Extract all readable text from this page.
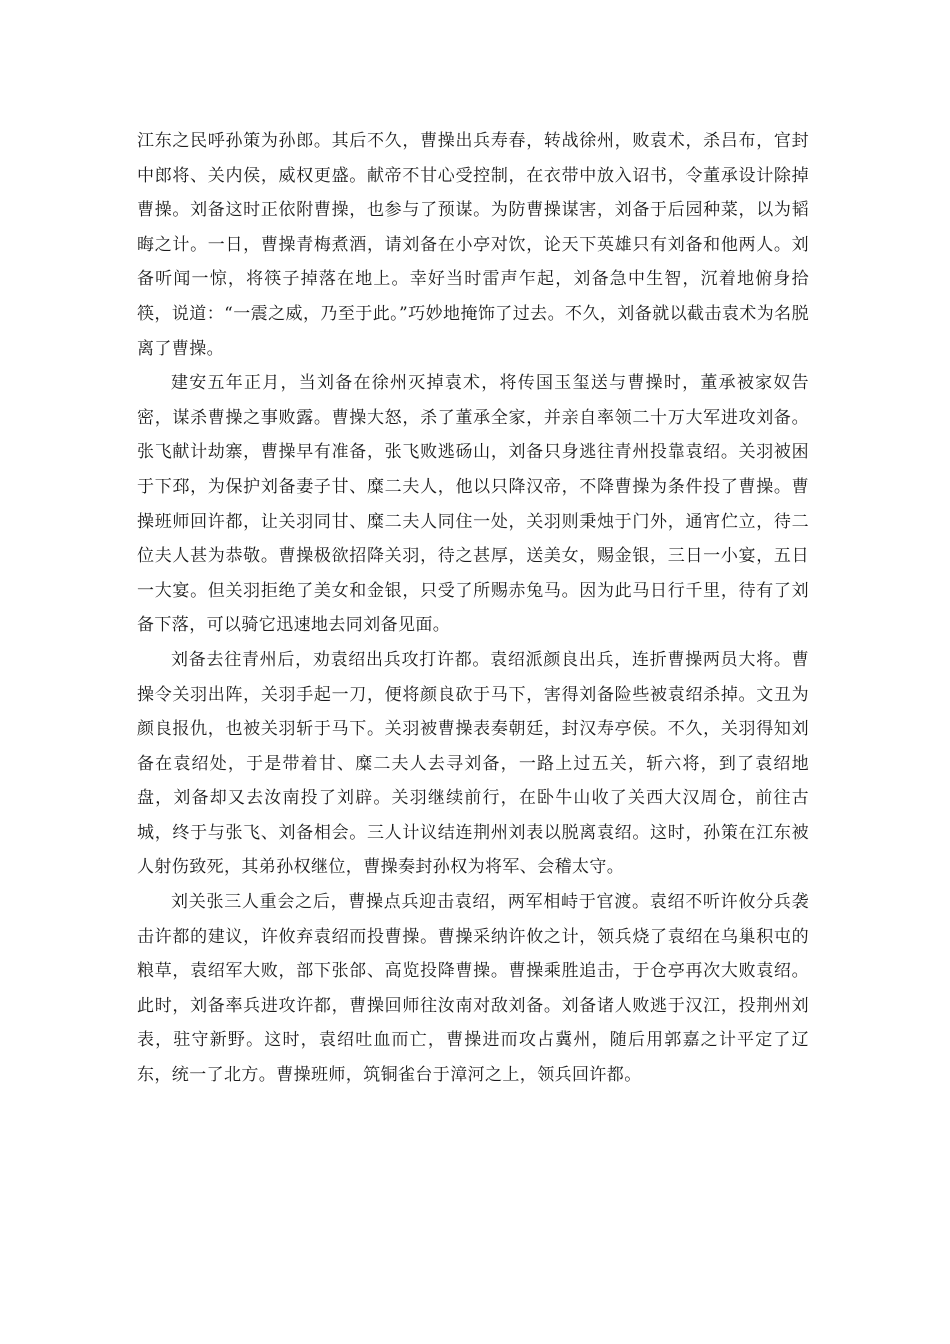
江东之民呼孙策为孙郎。其后不久，曹操出兵寿春，转战徐州，败袁术，杀吕布，官封中郎将、关内侯，威权更盛。献帝不甘心受控制，在衣带中放入诏书，令董承设计除掉曹操。刘备这时正依附曹操，也参与了预谋。为防曹操谋害，刘备于后园种菜，以为韬晦之计。一日，曹操青梅煮酒，请刘备在小亭对饮，论天下英雄只有刘备和他两人。刘备听闻一惊，将筷子掉落在地上。幸好当时雷声乍起，刘备急中生智，沉着地俯身拾筷，说道：“一震之威，乃至于此。”巧妙地掩饰了过去。不久，刘备就以截击袁术为名脱离了曹操。

建安五年正月，当刘备在徐州灭掉袁术，将传国玉玺送与曹操时，董承被家奴告密，谋杀曹操之事败露。曹操大怒，杀了董承全家，并亲自率领二十万大军进攻刘备。张飞献计劫寨，曹操早有准备，张飞败逃砀山，刘备只身逃往青州投靠袁绍。关羽被困于下邳，为保护刘备妻子甘、糜二夫人，他以只降汉帝，不降曹操为条件投了曹操。曹操班师回许都，让关羽同甘、糜二夫人同住一处，关羽则秉烛于门外，通宵伫立，待二位夫人甚为恭敬。曹操极欲招降关羽，待之甚厚，送美女，赐金银，三日一小宴，五日一大宴。但关羽拒绝了美女和金银，只受了所赐赤兔马。因为此马日行千里，待有了刘备下落，可以骑它迅速地去同刘备见面。

刘备去往青州后，劝袁绍出兵攻打许都。袁绍派颜良出兵，连折曹操两员大将。曹操令关羽出阵，关羽手起一刀，便将颜良砍于马下，害得刘备险些被袁绍杀掉。文丑为颜良报仇，也被关羽斩于马下。关羽被曹操表奏朝廷，封汉寿亭侯。不久，关羽得知刘备在袁绍处，于是带着甘、糜二夫人去寻刘备，一路上过五关，斩六将，到了袁绍地盘，刘备却又去汝南投了刘辟。关羽继续前行，在卧牛山收了关西大汉周仓，前往古城，终于与张飞、刘备相会。三人计议结连荆州刘表以脱离袁绍。这时，孙策在江东被人射伤致死，其弟孙权继位，曹操奏封孙权为将军、会稽太守。

刘关张三人重会之后，曹操点兵迎击袁绍，两军相峙于官渡。袁绍不听许攸分兵袭击许都的建议，许攸弃袁绍而投曹操。曹操采纳许攸之计，领兵烧了袁绍在乌巢积屯的粮草，袁绍军大败，部下张郃、高览投降曹操。曹操乘胜追击，于仓亭再次大败袁绍。此时，刘备率兵进攻许都，曹操回师往汝南对敌刘备。刘备诸人败逃于汉江，投荆州刘表，驻守新野。这时，袁绍吐血而亡，曹操进而攻占冀州，随后用郭嘉之计平定了辽东，统一了北方。曹操班师，筑铜雀台于漳河之上，领兵回许都。
